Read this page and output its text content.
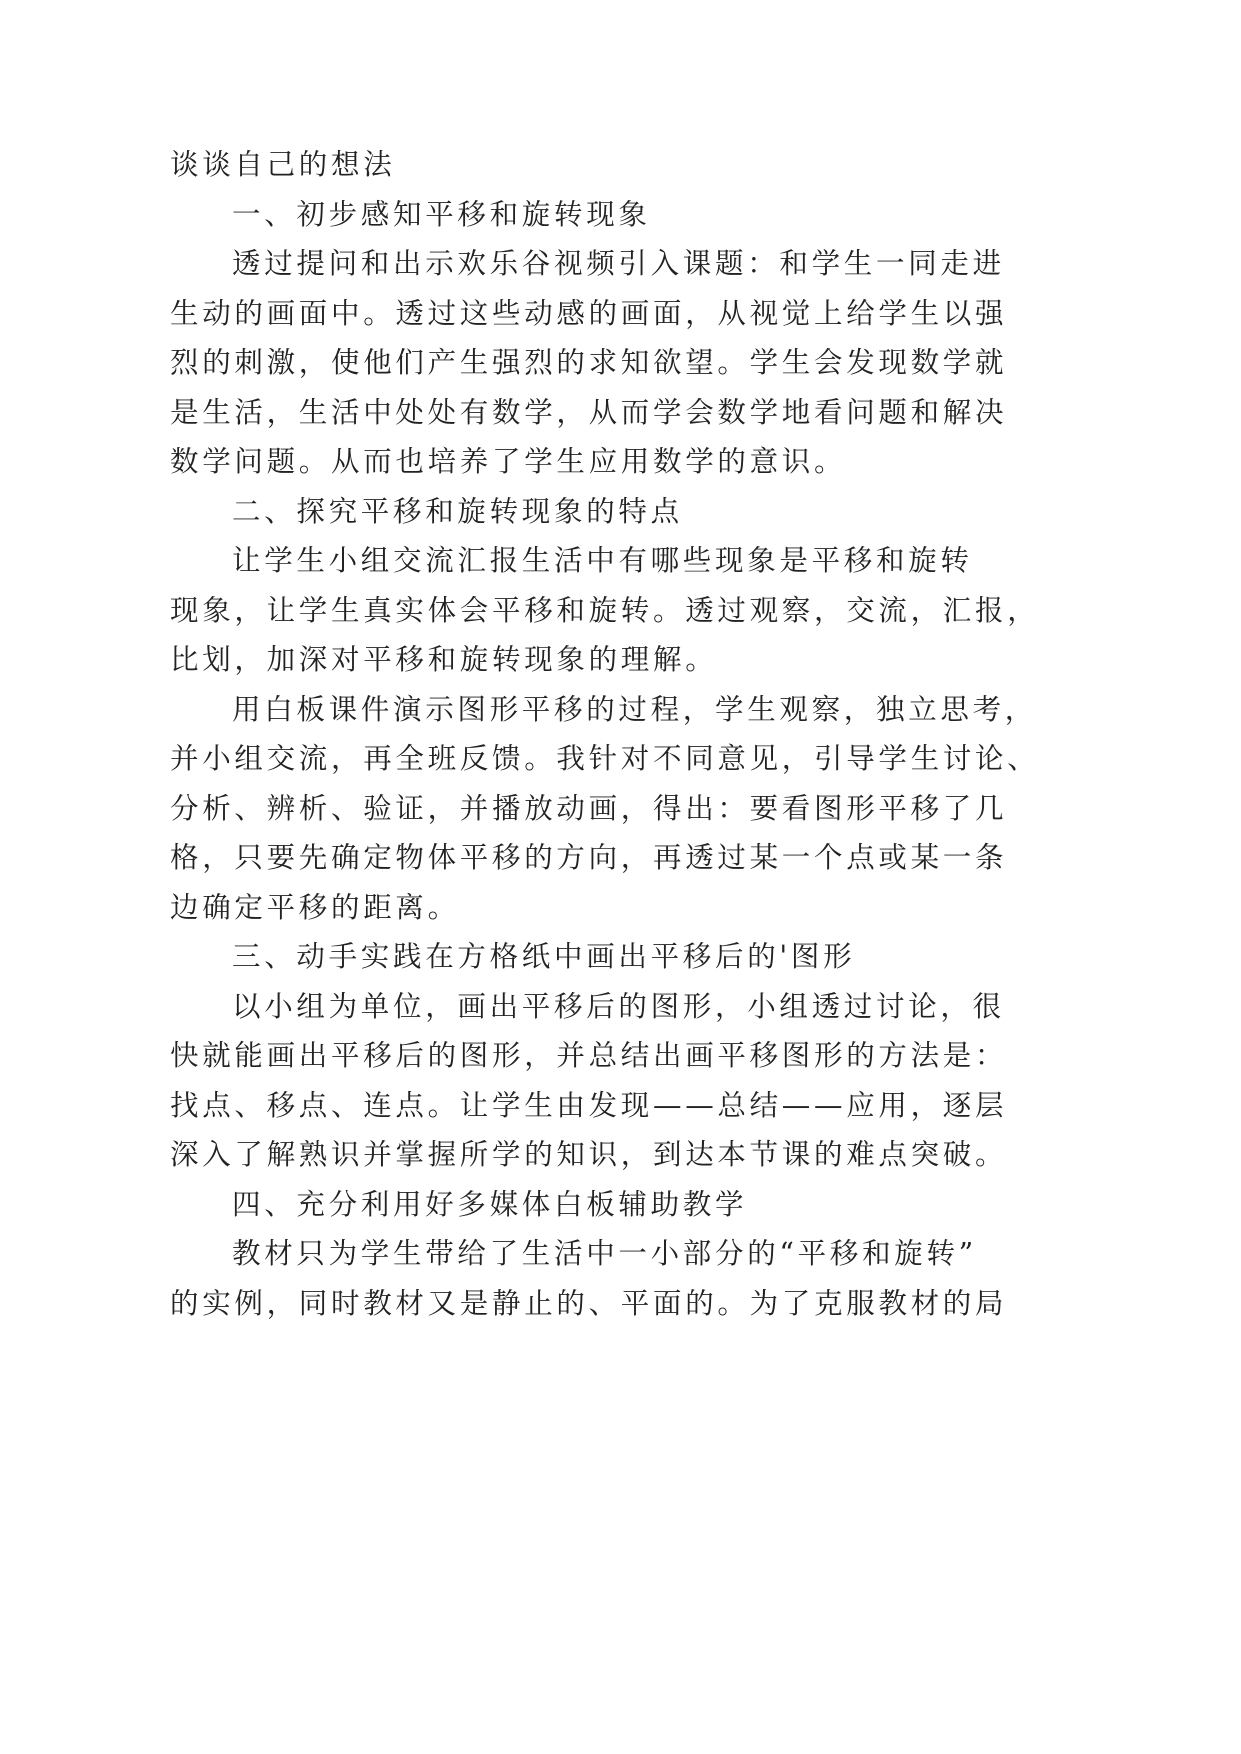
谈谈自己的想法
一、初步感知平移和旋转现象
透过提问和出示欢乐谷视频引入课题：和学生一同走进
生动的画面中。透过这些动感的画面，从视觉上给学生以强
烈的刺激，使他们产生强烈的求知欲望。学生会发现数学就
是生活，生活中处处有数学，从而学会数学地看问题和解决
数学问题。从而也培养了学生应用数学的意识。
二、探究平移和旋转现象的特点
让学生小组交流汇报生活中有哪些现象是平移和旋转
现象，让学生真实体会平移和旋转。透过观察，交流，汇报，
比划，加深对平移和旋转现象的理解。
用白板课件演示图形平移的过程，学生观察，独立思考，
并小组交流，再全班反馈。我针对不同意见，引导学生讨论、
分析、辨析、验证，并播放动画，得出：要看图形平移了几
格，只要先确定物体平移的方向，再透过某一个点或某一条
边确定平移的距离。
三、动手实践在方格纸中画出平移后的'图形
以小组为单位，画出平移后的图形，小组透过讨论，很
快就能画出平移后的图形，并总结出画平移图形的方法是：
找点、移点、连点。让学生由发现——总结——应用，逐层
深入了解熟识并掌握所学的知识，到达本节课的难点突破。
四、充分利用好多媒体白板辅助教学
教材只为学生带给了生活中一小部分的“平移和旋转”
的实例，同时教材又是静止的、平面的。为了克服教材的局
